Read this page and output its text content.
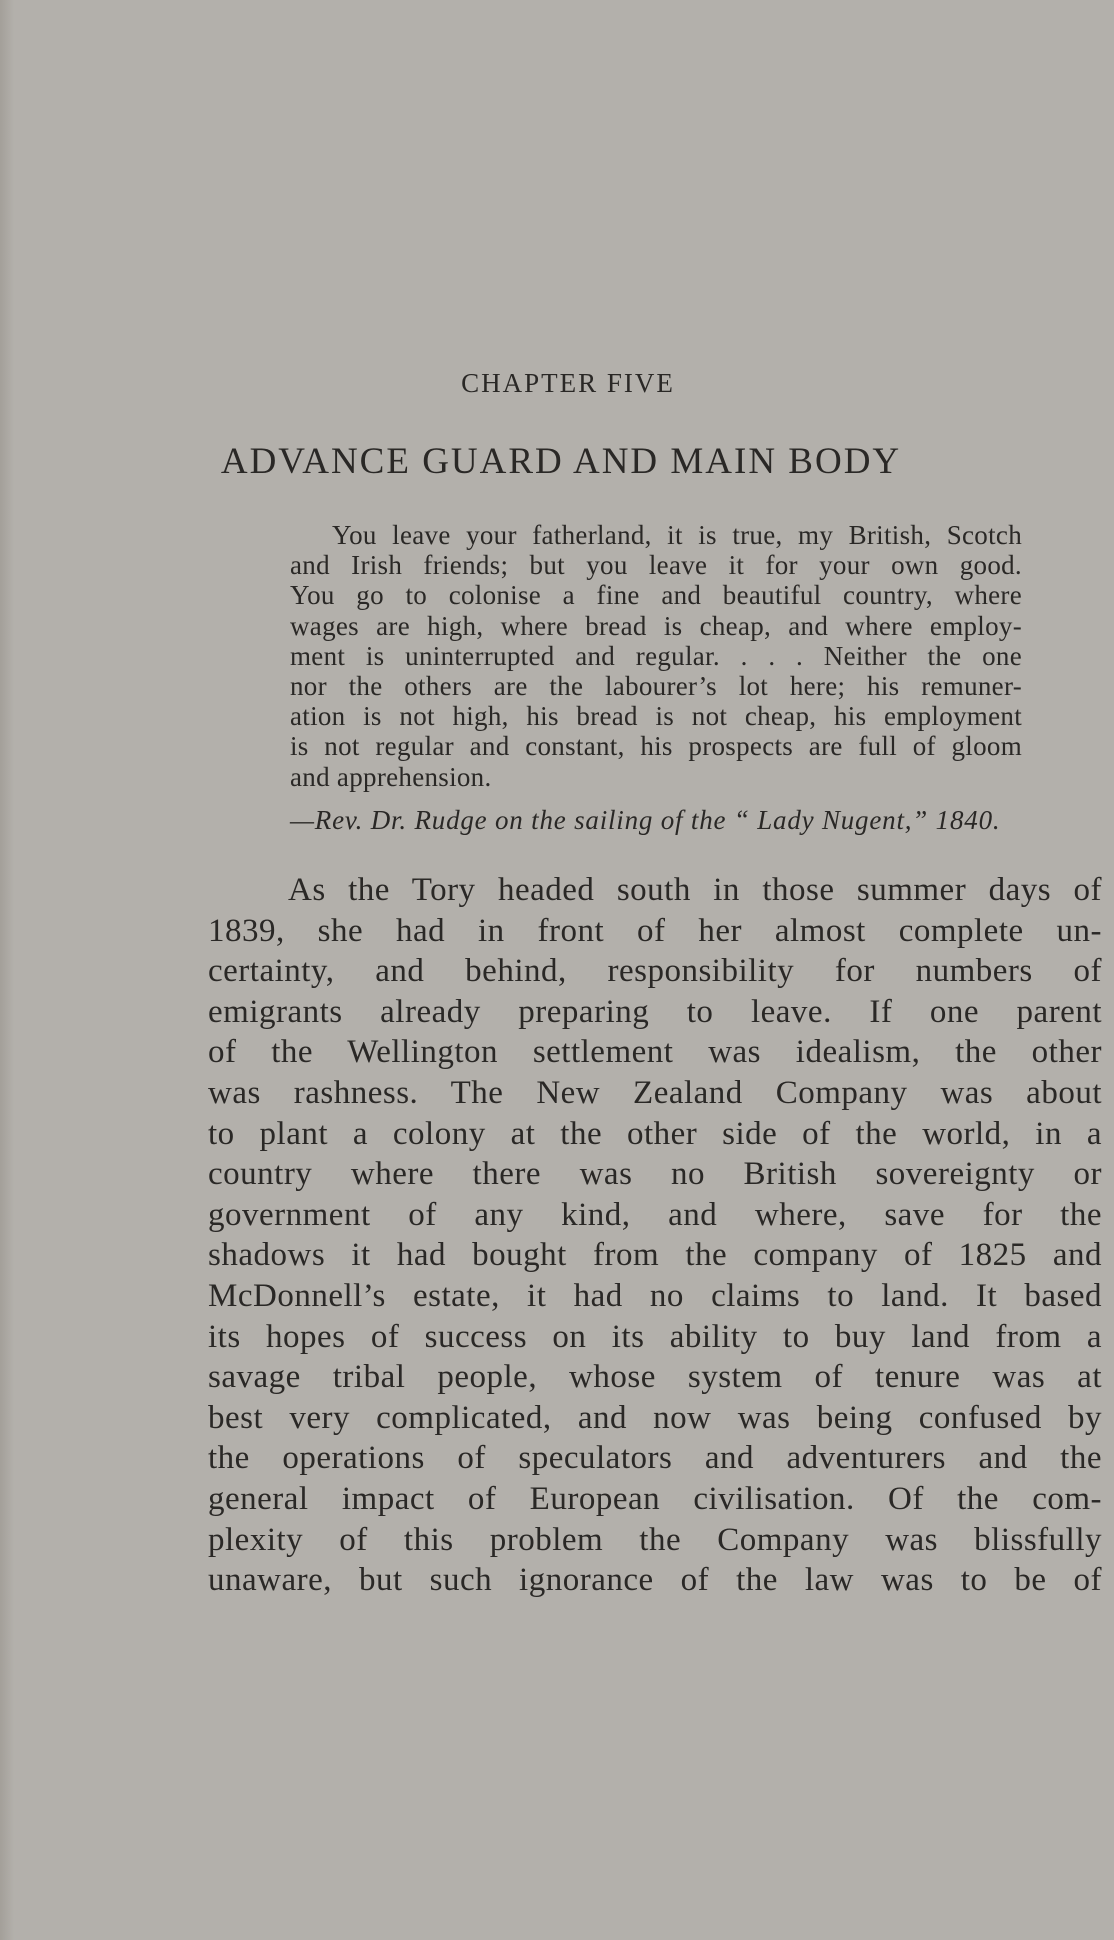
CHAPTER FIVE
ADVANCE GUARD AND MAIN BODY
You leave your fatherland, it is true, my British, Scotch
and Irish friends; but you leave it for your own good.
You go to colonise a fine and beautiful country, where
wages are high, where bread is cheap, and where employ-
ment is uninterrupted and regular. . . . Neither the one
nor the others are the labourer’s lot here; his remuner-
ation is not high, his bread is not cheap, his employment
is not regular and constant, his prospects are full of gloom
and apprehension.
—Rev. Dr. Rudge on the sailing of the “ Lady Nugent,” 1840.
As the Tory headed south in those summer days of
1839, she had in front of her almost complete un-
certainty, and behind, responsibility for numbers of
emigrants already preparing to leave. If one parent
of the Wellington settlement was idealism, the other
was rashness. The New Zealand Company was about
to plant a colony at the other side of the world, in a
country where there was no British sovereignty or
government of any kind, and where, save for the
shadows it had bought from the company of 1825 and
McDonnell’s estate, it had no claims to land. It based
its hopes of success on its ability to buy land from a
savage tribal people, whose system of tenure was at
best very complicated, and now was being confused by
the operations of speculators and adventurers and the
general impact of European civilisation. Of the com-
plexity of this problem the Company was blissfully
unaware, but such ignorance of the law was to be of
